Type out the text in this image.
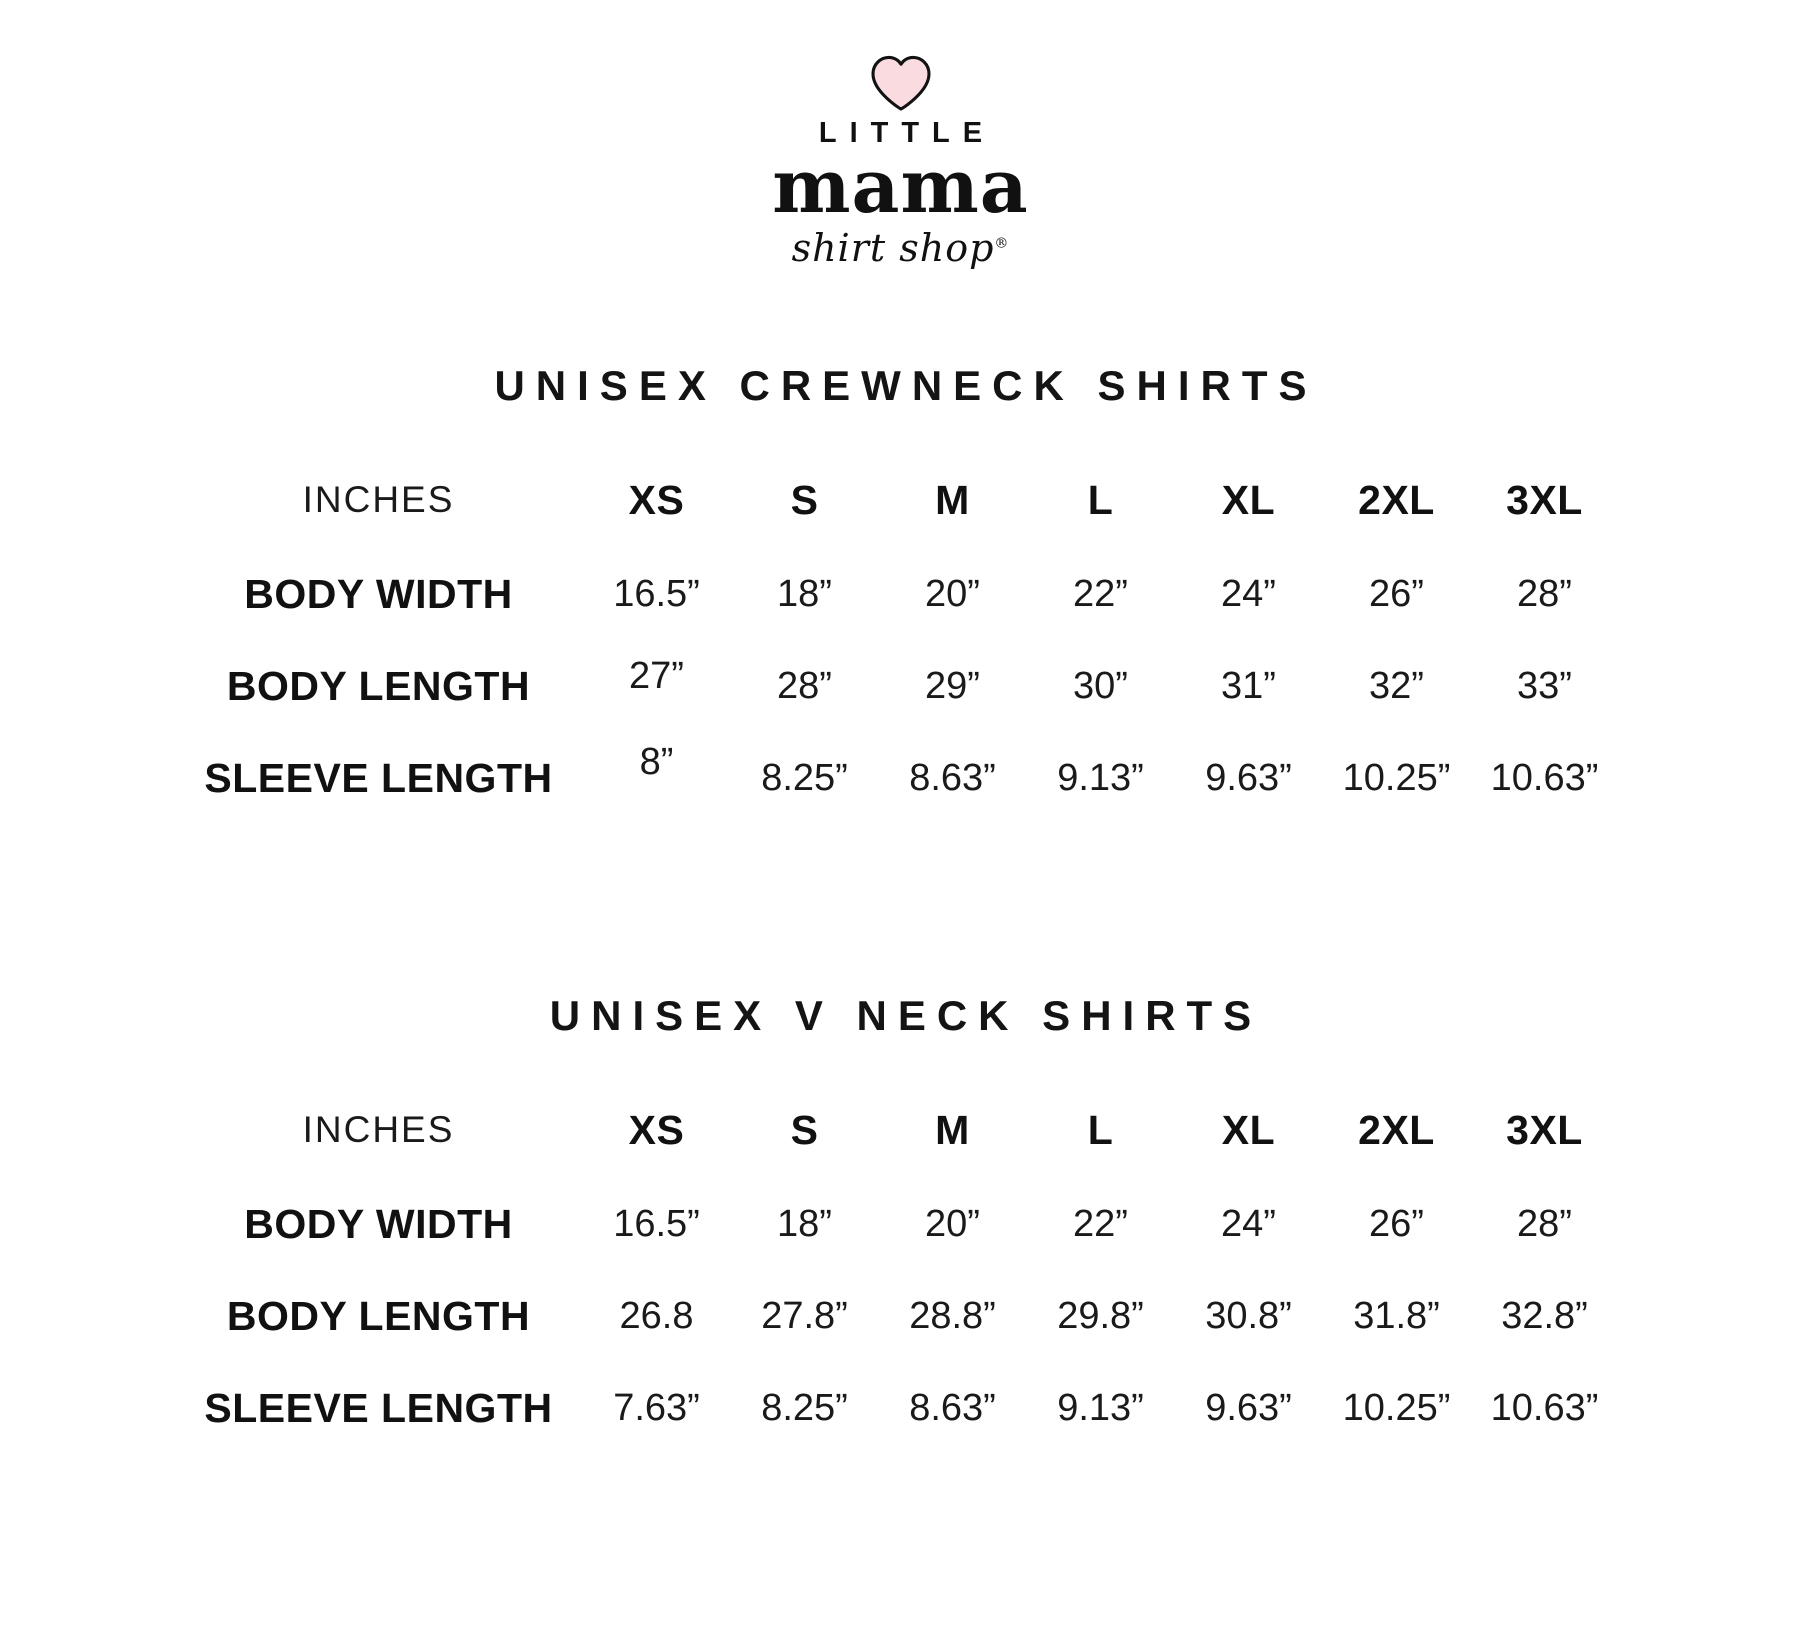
LITTLE
mama
shirt shop®
UNISEX CREWNECK SHIRTS
INCHES	XS	S	M	L	XL	2XL	3XL
BODY WIDTH	16.5”	18”	20”	22”	24”	26”	28”
BODY LENGTH	27”	28”	29”	30”	31”	32”	33”
SLEEVE LENGTH	8”	8.25”	8.63”	9.13”	9.63”	10.25”	10.63”
UNISEX V NECK SHIRTS
INCHES	XS	S	M	L	XL	2XL	3XL
BODY WIDTH	16.5”	18”	20”	22”	24”	26”	28”
BODY LENGTH	26.8	27.8”	28.8”	29.8”	30.8”	31.8”	32.8”
SLEEVE LENGTH	7.63”	8.25”	8.63”	9.13”	9.63”	10.25”	10.63”
